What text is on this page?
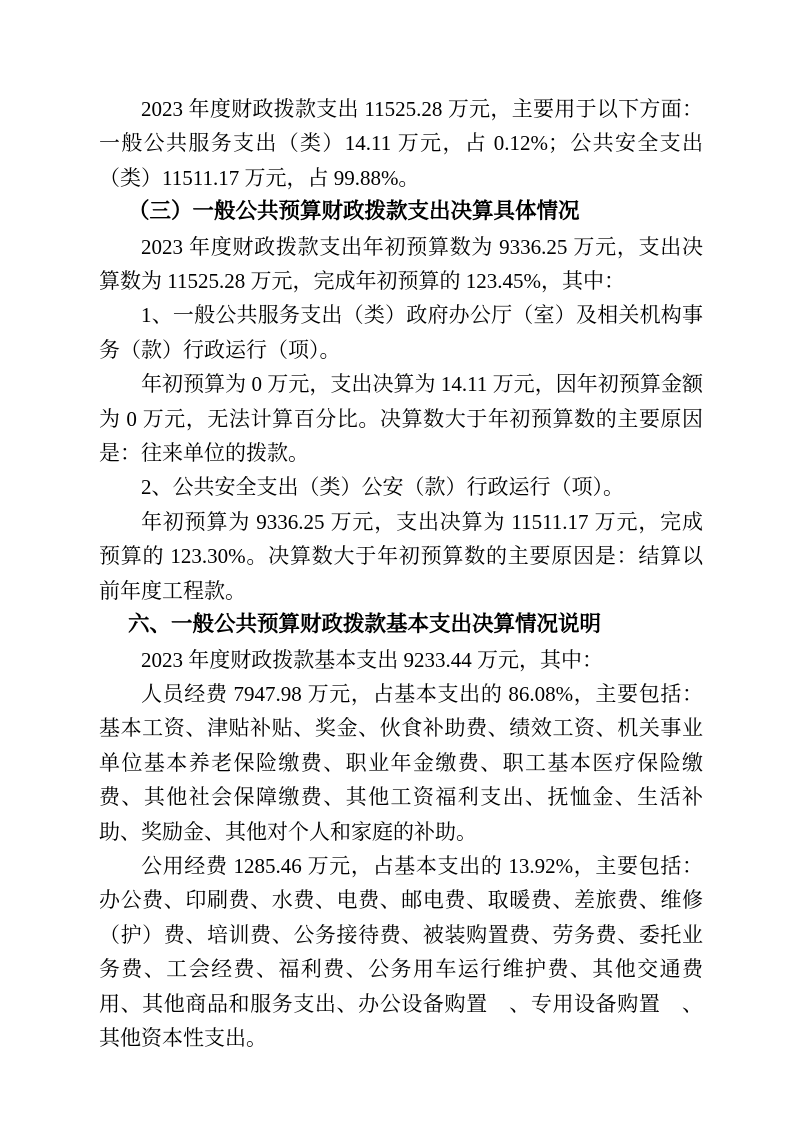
2023 年度财政拨款支出 11525.28 万元，主要用于以下方面：一般公共服务支出（类）14.11 万元，占 0.12%；公共安全支出（类）11511.17 万元，占 99.88%。

（三）一般公共预算财政拨款支出决算具体情况

2023 年度财政拨款支出年初预算数为 9336.25 万元，支出决算数为 11525.28 万元，完成年初预算的 123.45%，其中：

1、一般公共服务支出（类）政府办公厅（室）及相关机构事务（款）行政运行（项）。

年初预算为 0 万元，支出决算为 14.11 万元，因年初预算金额为 0 万元，无法计算百分比。决算数大于年初预算数的主要原因是：往来单位的拨款。

2、公共安全支出（类）公安（款）行政运行（项）。

年初预算为 9336.25 万元，支出决算为 11511.17 万元，完成预算的 123.30%。决算数大于年初预算数的主要原因是：结算以前年度工程款。

六、一般公共预算财政拨款基本支出决算情况说明

2023 年度财政拨款基本支出 9233.44 万元，其中：

人员经费 7947.98 万元，占基本支出的 86.08%，主要包括：基本工资、津贴补贴、奖金、伙食补助费、绩效工资、机关事业单位基本养老保险缴费、职业年金缴费、职工基本医疗保险缴费、其他社会保障缴费、其他工资福利支出、抚恤金、生活补助、奖励金、其他对个人和家庭的补助。

公用经费 1285.46 万元，占基本支出的 13.92%，主要包括：办公费、印刷费、水费、电费、邮电费、取暖费、差旅费、维修（护）费、培训费、公务接待费、被装购置费、劳务费、委托业务费、工会经费、福利费、公务用车运行维护费、其他交通费用、其他商品和服务支出、办公设备购置　、专用设备购置　、其他资本性支出。
